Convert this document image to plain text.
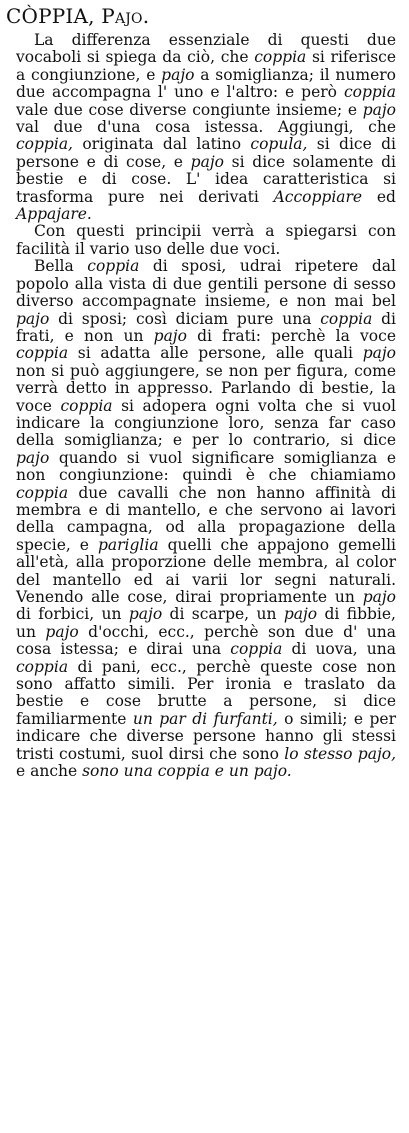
CÒPPIA, Pajo.

La differenza essenziale di questi due vocaboli si spiega da ciò, che coppia si riferisce a congiunzione, e pajo a somiglianza; il numero due accompagna l' uno e l'altro: e però coppia vale due cose diverse congiunte insieme; e pajo val due d'una cosa istessa. Aggiungi, che coppia, originata dal latino copula, si dice di persone e di cose, e pajo si dice solamente di bestie e di cose. L' idea caratteristica si trasforma pure nei derivati Accoppiare ed Appajare.

Con questi principii verrà a spiegarsi con facilità il vario uso delle due voci.

Bella coppia di sposi, udrai ripetere dal popolo alla vista di due gentili persone di sesso diverso accompagnate insieme, e non mai bel pajo di sposi; così diciam pure una coppia di frati, e non un pajo di frati: perchè la voce coppia si adatta alle persone, alle quali pajo non si può aggiungere, se non per figura, come verrà detto in appresso. Parlando di bestie, la voce coppia si adopera ogni volta che si vuol indicare la congiunzione loro, senza far caso della somiglianza; e per lo contrario, si dice pajo quando si vuol significare somiglianza e non congiunzione: quindi è che chiamiamo coppia due cavalli che non hanno affinità di membra e di mantello, e che servono ai lavori della campagna, od alla propagazione della specie, e pariglia quelli che appajono gemelli all'età, alla proporzione delle membra, al color del mantello ed ai varii lor segni naturali. Venendo alle cose, dirai propriamente un pajo di forbici, un pajo di scarpe, un pajo di fibbie, un pajo d'occhi, ecc., perchè son due d' una cosa istessa; e dirai una coppia di uova, una coppia di pani, ecc., perchè queste cose non sono affatto simili. Per ironia e traslato da bestie e cose brutte a persone, si dice familiarmente un par di furfanti, o simili; e per indicare che diverse persone hanno gli stessi tristi costumi, suol dirsi che sono lo stesso pajo, e anche sono una coppia e un pajo.
